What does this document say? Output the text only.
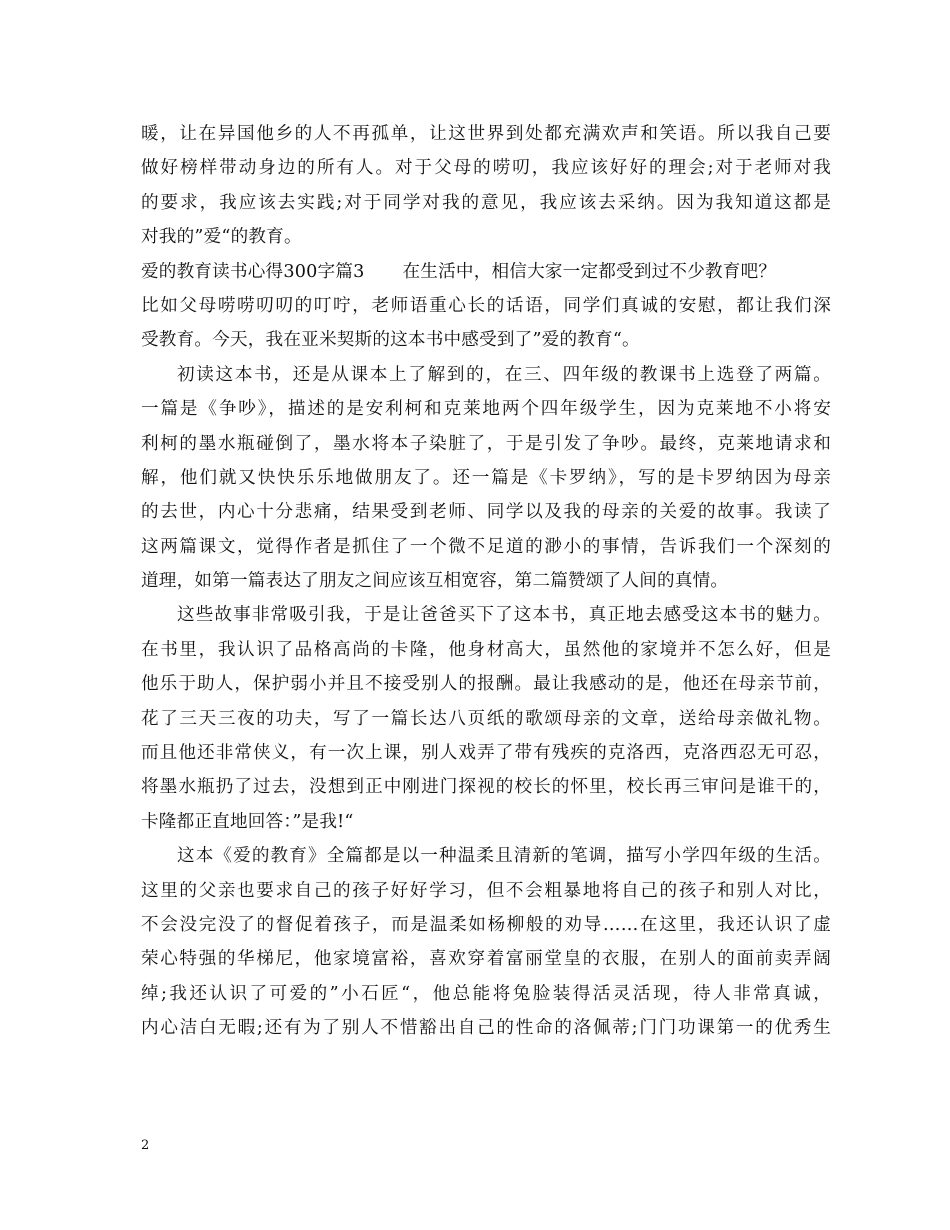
暖，让在异国他乡的人不再孤单，让这世界到处都充满欢声和笑语。所以我自己要
做好榜样带动身边的所有人。对于父母的唠叨，我应该好好的理会;对于老师对我
的要求，我应该去实践;对于同学对我的意见，我应该去采纳。因为我知道这都是
对我的”爱“的教育。
爱的教育读书心得300字篇3 在生活中，相信大家一定都受到过不少教育吧？
比如父母唠唠叨叨的叮咛，老师语重心长的话语，同学们真诚的安慰，都让我们深
受教育。今天，我在亚米契斯的这本书中感受到了”爱的教育“。
初读这本书，还是从课本上了解到的，在三、四年级的教课书上选登了两篇。
一篇是《争吵》，描述的是安利柯和克莱地两个四年级学生，因为克莱地不小将安
利柯的墨水瓶碰倒了，墨水将本子染脏了，于是引发了争吵。最终，克莱地请求和
解，他们就又快快乐乐地做朋友了。还一篇是《卡罗纳》，写的是卡罗纳因为母亲
的去世，内心十分悲痛，结果受到老师、同学以及我的母亲的关爱的故事。我读了
这两篇课文，觉得作者是抓住了一个微不足道的渺小的事情，告诉我们一个深刻的
道理，如第一篇表达了朋友之间应该互相宽容，第二篇赞颂了人间的真情。
这些故事非常吸引我，于是让爸爸买下了这本书，真正地去感受这本书的魅力。
在书里，我认识了品格高尚的卡隆，他身材高大，虽然他的家境并不怎么好，但是
他乐于助人，保护弱小并且不接受别人的报酬。最让我感动的是，他还在母亲节前，
花了三天三夜的功夫，写了一篇长达八页纸的歌颂母亲的文章，送给母亲做礼物。
而且他还非常侠义，有一次上课，别人戏弄了带有残疾的克洛西，克洛西忍无可忍，
将墨水瓶扔了过去，没想到正中刚进门探视的校长的怀里，校长再三审问是谁干的，
卡隆都正直地回答：”是我!“
这本《爱的教育》全篇都是以一种温柔且清新的笔调，描写小学四年级的生活。
这里的父亲也要求自己的孩子好好学习，但不会粗暴地将自己的孩子和别人对比，
不会没完没了的督促着孩子，而是温柔如杨柳般的劝导……在这里，我还认识了虚
荣心特强的华梯尼，他家境富裕，喜欢穿着富丽堂皇的衣服，在别人的面前卖弄阔
绰;我还认识了可爱的”小石匠“，他总能将兔脸装得活灵活现，待人非常真诚，
内心洁白无暇;还有为了别人不惜豁出自己的性命的洛佩蒂;门门功课第一的优秀生
2
